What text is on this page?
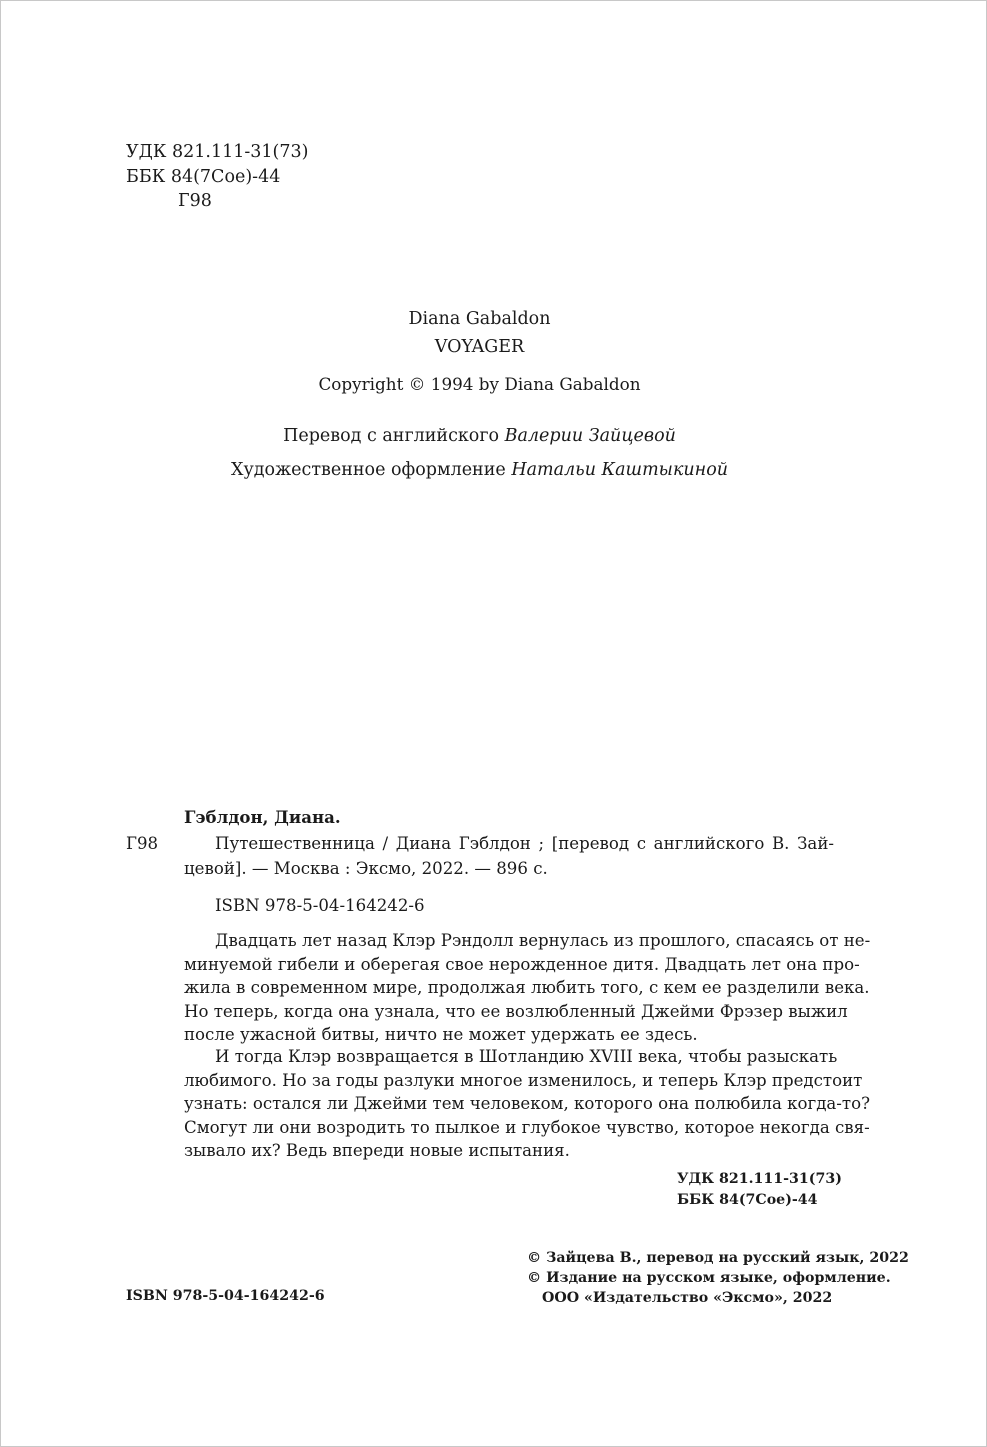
УДК 821.111-31(73)
ББК 84(7Сое)-44
Г98
Diana Gabaldon
VOYAGER
Copyright © 1994 by Diana Gabaldon
Перевод с английского Валерии Зайцевой
Художественное оформление Натальи Каштыкиной
Гэблдон, Диана.
Г98	Путешественница / Диана Гэблдон ; [перевод с английского В. Зай-
цевой]. — Москва : Эксмо, 2022. — 896 с.
ISBN 978-5-04-164242-6
Двадцать лет назад Клэр Рэндолл вернулась из прошлого, спасаясь от не-
минуемой гибели и оберегая свое нерожденное дитя. Двадцать лет она про-
жила в современном мире, продолжая любить того, с кем ее разделили века.
Но теперь, когда она узнала, что ее возлюбленный Джейми Фрэзер выжил
после ужасной битвы, ничто не может удержать ее здесь.
И тогда Клэр возвращается в Шотландию XVIII века, чтобы разыскать
любимого. Но за годы разлуки многое изменилось, и теперь Клэр предстоит
узнать: остался ли Джейми тем человеком, которого она полюбила когда-то?
Смогут ли они возродить то пылкое и глубокое чувство, которое некогда свя-
зывало их? Ведь впереди новые испытания.
УДК 821.111-31(73)
ББК 84(7Сое)-44
ISBN 978-5-04-164242-6
© Зайцева В., перевод на русский язык, 2022
© Издание на русском языке, оформление.
ООО «Издательство «Эксмо», 2022
